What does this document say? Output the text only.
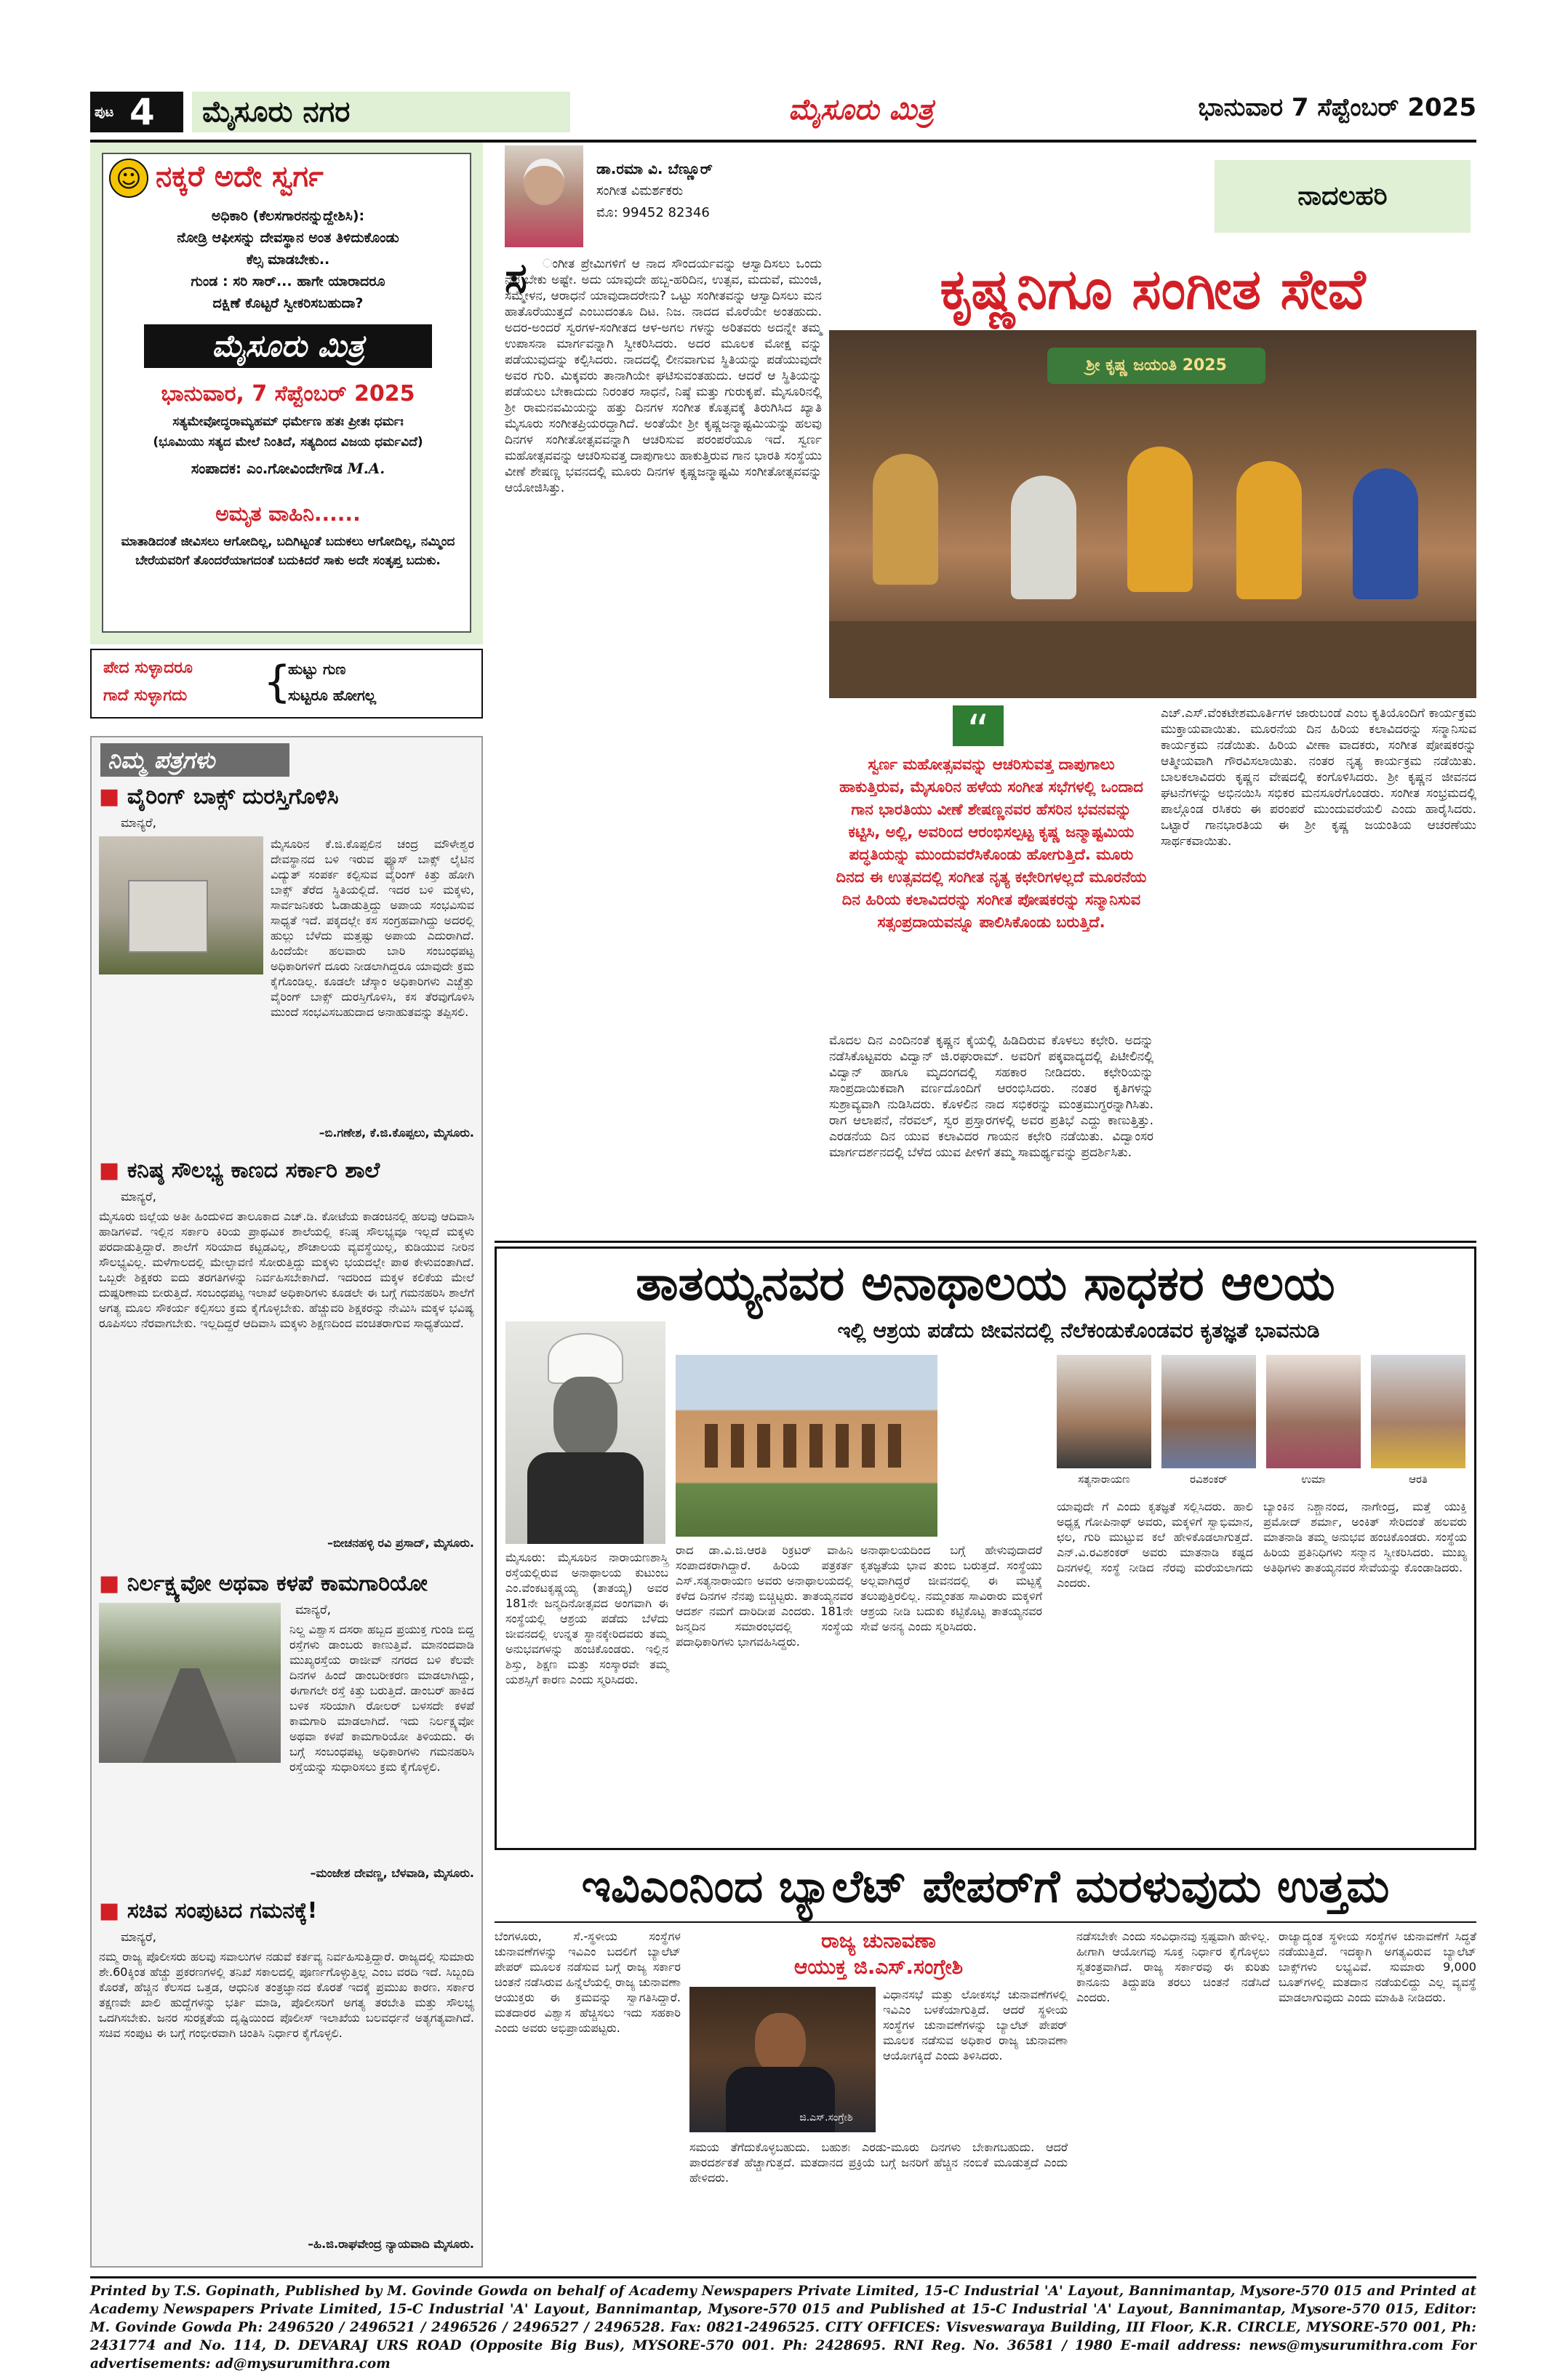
ಪುಟ 4	ಮೈಸೂರು ನಗರ	ಮೈಸೂರು ಮಿತ್ರ	ಭಾನುವಾರ 7 ಸೆಪ್ಟೆಂಬರ್ 2025
☺ ನಕ್ಕರೆ ಅದೇ ಸ್ವರ್ಗ
ಅಧಿಕಾರಿ (ಕೆಲಸಗಾರನನ್ನುದ್ದೇಶಿಸಿ):
ನೋಡ್ರಿ ಆಫೀಸನ್ನು ದೇವಸ್ಥಾನ ಅಂತ ತಿಳಿದುಕೊಂಡು
ಕೆಲ್ಸ ಮಾಡಬೇಕು..
ಗುಂಡ : ಸರಿ ಸಾರ್... ಹಾಗೇ ಯಾರಾದರೂ
ದಕ್ಷಿಣೆ ಕೊಟ್ಟರೆ ಸ್ವೀಕರಿಸಬಹುದಾ?
ಮೈಸೂರು ಮಿತ್ರ
ಭಾನುವಾರ, 7 ಸೆಪ್ಟೆಂಬರ್ 2025
ಸತ್ಯಮೇವೋದ್ಧರಾಮ್ಯಹಮ್ ಧರ್ಮೇಣ ಹತಃ ಪ್ರೀತಃ ಧರ್ಮಃ
(ಭೂಮಿಯು ಸತ್ಯದ ಮೇಲೆ ನಿಂತಿದೆ, ಸತ್ಯದಿಂದ ವಿಜಯ ಧರ್ಮವಿದೆ)
ಸಂಪಾದಕ: ಎಂ.ಗೋವಿಂದೇಗೌಡ M.A.
ಅಮೃತ ವಾಹಿನಿ......
ಮಾತಾಡಿದಂತೆ ಜೀವಿಸಲು ಆಗೋದಿಲ್ಲ, ಬದಿಗಿಟ್ಟಂತೆ ಬದುಕಲು ಆಗೋದಿಲ್ಲ, ನಮ್ಮಿಂದ ಬೇರೆಯವರಿಗೆ ತೊಂದರೆಯಾಗದಂತೆ ಬದುಕಿದರೆ ಸಾಕು ಅದೇ ಸಂತೃಪ್ತ ಬದುಕು.
ಪೇದ ಸುಳ್ಳಾದರೂ
ಗಾದೆ ಸುಳ್ಳಾಗದು {
ಹುಟ್ಟು ಗುಣ
ಸುಟ್ಟರೂ ಹೋಗಲ್ಲ
ನಿಮ್ಮ ಪತ್ರಗಳು
■ ವೈರಿಂಗ್ ಬಾಕ್ಸ್ ದುರಸ್ತಿಗೊಳಿಸಿ
ಮಾನ್ಯರೆ,
ಮೈಸೂರಿನ ಕೆ.ಜಿ.ಕೊಪ್ಪಲಿನ ಚಂದ್ರ ಮೌಳೇಶ್ವರ ದೇವಸ್ಥಾನದ ಬಳಿ ಇರುವ ಫ್ಯೂಸ್ ಬಾಕ್ಸ್ ಲೈಟಿನ ವಿದ್ಯುತ್ ಸಂಪರ್ಕ ಕಲ್ಪಿಸುವ ವೈರಿಂಗ್ ಕಿತ್ತು ಹೋಗಿ ಬಾಕ್ಸ್ ತೆರೆದ ಸ್ಥಿತಿಯಲ್ಲಿದೆ. ಇದರ ಬಳಿ ಮಕ್ಕಳು, ಸಾರ್ವಜನಿಕರು ಓಡಾಡುತ್ತಿದ್ದು ಅಪಾಯ ಸಂಭವಿಸುವ ಸಾಧ್ಯತೆ ಇದೆ. ಪಕ್ಕದಲ್ಲೇ ಕಸ ಸಂಗ್ರಹವಾಗಿದ್ದು ಅದರಲ್ಲಿ ಹುಲ್ಲು ಬೆಳೆದು ಮತ್ತಷ್ಟು ಅಪಾಯ ಎದುರಾಗಿದೆ. ಹಿಂದೆಯೇ ಹಲವಾರು ಬಾರಿ ಸಂಬಂಧಪಟ್ಟ ಅಧಿಕಾರಿಗಳಿಗೆ ದೂರು ನೀಡಲಾಗಿದ್ದರೂ ಯಾವುದೇ ಕ್ರಮ ಕೈಗೊಂಡಿಲ್ಲ. ಕೂಡಲೇ ಚೆಸ್ಕಾಂ ಅಧಿಕಾರಿಗಳು ಎಚ್ಚೆತ್ತು ವೈರಿಂಗ್ ಬಾಕ್ಸ್ ದುರಸ್ತಿಗೊಳಿಸಿ, ಕಸ ತೆರವುಗೊಳಿಸಿ ಮುಂದೆ ಸಂಭವಿಸಬಹುದಾದ ಅನಾಹುತವನ್ನು ತಪ್ಪಿಸಲಿ.
–ಬಿ.ಗಣೇಶ, ಕೆ.ಜಿ.ಕೊಪ್ಪಲು, ಮೈಸೂರು.
■ ಕನಿಷ್ಠ ಸೌಲಭ್ಯ ಕಾಣದ ಸರ್ಕಾರಿ ಶಾಲೆ
ಮಾನ್ಯರೆ,
ಮೈಸೂರು ಜಿಲ್ಲೆಯ ಅತೀ ಹಿಂದುಳಿದ ತಾಲೂಕಾದ ಎಚ್.ಡಿ. ಕೋಟೆಯ ಕಾಡಂಚಿನಲ್ಲಿ ಹಲವು ಆದಿವಾಸಿ ಹಾಡಿಗಳಿವೆ. ಇಲ್ಲಿನ ಸರ್ಕಾರಿ ಕಿರಿಯ ಪ್ರಾಥಮಿಕ ಶಾಲೆಯಲ್ಲಿ ಕನಿಷ್ಠ ಸೌಲಭ್ಯವೂ ಇಲ್ಲದೆ ಮಕ್ಕಳು ಪರದಾಡುತ್ತಿದ್ದಾರೆ. ಶಾಲೆಗೆ ಸರಿಯಾದ ಕಟ್ಟಡವಿಲ್ಲ, ಶೌಚಾಲಯ ವ್ಯವಸ್ಥೆಯಿಲ್ಲ, ಕುಡಿಯುವ ನೀರಿನ ಸೌಲಭ್ಯವಿಲ್ಲ. ಮಳೆಗಾಲದಲ್ಲಿ ಮೇಲ್ಛಾವಣಿ ಸೋರುತ್ತಿದ್ದು ಮಕ್ಕಳು ಭಯದಲ್ಲೇ ಪಾಠ ಕೇಳುವಂತಾಗಿದೆ. ಒಬ್ಬರೇ ಶಿಕ್ಷಕರು ಐದು ತರಗತಿಗಳನ್ನು ನಿರ್ವಹಿಸಬೇಕಾಗಿದೆ. ಇದರಿಂದ ಮಕ್ಕಳ ಕಲಿಕೆಯ ಮೇಲೆ ದುಷ್ಪರಿಣಾಮ ಬೀರುತ್ತಿದೆ. ಸಂಬಂಧಪಟ್ಟ ಇಲಾಖೆ ಅಧಿಕಾರಿಗಳು ಕೂಡಲೇ ಈ ಬಗ್ಗೆ ಗಮನಹರಿಸಿ ಶಾಲೆಗೆ ಅಗತ್ಯ ಮೂಲ ಸೌಕರ್ಯ ಕಲ್ಪಿಸಲು ಕ್ರಮ ಕೈಗೊಳ್ಳಬೇಕು. ಹೆಚ್ಚುವರಿ ಶಿಕ್ಷಕರನ್ನು ನೇಮಿಸಿ ಮಕ್ಕಳ ಭವಿಷ್ಯ ರೂಪಿಸಲು ನೆರವಾಗಬೇಕು. ಇಲ್ಲದಿದ್ದರೆ ಆದಿವಾಸಿ ಮಕ್ಕಳು ಶಿಕ್ಷಣದಿಂದ ವಂಚಿತರಾಗುವ ಸಾಧ್ಯತೆಯಿದೆ.
–ಬೀಚನಹಳ್ಳಿ ರವಿ ಪ್ರಸಾದ್, ಮೈಸೂರು.
■ ನಿರ್ಲಕ್ಷ್ಯವೋ ಅಥವಾ ಕಳಪೆ ಕಾಮಗಾರಿಯೋ
ಮಾನ್ಯರೆ,
ನಿಲ್ದ ವಿಶ್ವಾಸ ದಸರಾ ಹಬ್ಬದ ಪ್ರಯುಕ್ತ ಗುಂಡಿ ಬಿದ್ದ ರಸ್ತೆಗಳು ಡಾಂಬರು ಕಾಣುತ್ತಿವೆ. ಮಾನಂದವಾಡಿ ಮುಖ್ಯರಸ್ತೆಯ ರಾಜೀವ್ ನಗರದ ಬಳಿ ಕೆಲವೇ ದಿನಗಳ ಹಿಂದೆ ಡಾಂಬರೀಕರಣ ಮಾಡಲಾಗಿದ್ದು, ಈಗಾಗಲೇ ರಸ್ತೆ ಕಿತ್ತು ಬರುತ್ತಿದೆ. ಡಾಂಬರ್ ಹಾಕಿದ ಬಳಿಕ ಸರಿಯಾಗಿ ರೋಲರ್ ಬಳಸದೇ ಕಳಪೆ ಕಾಮಗಾರಿ ಮಾಡಲಾಗಿದೆ. ಇದು ನಿರ್ಲಕ್ಷ್ಯವೋ ಅಥವಾ ಕಳಪೆ ಕಾಮಗಾರಿಯೋ ತಿಳಿಯದು. ಈ ಬಗ್ಗೆ ಸಂಬಂಧಪಟ್ಟ ಅಧಿಕಾರಿಗಳು ಗಮನಹರಿಸಿ ರಸ್ತೆಯನ್ನು ಸುಧಾರಿಸಲು ಕ್ರಮ ಕೈಗೊಳ್ಳಲಿ.
–ಮಂಜೇಶ ದೇವಣ್ಣ, ಬೆಳವಾಡಿ, ಮೈಸೂರು.
■ ಸಚಿವ ಸಂಪುಟದ ಗಮನಕ್ಕೆ!
ಮಾನ್ಯರೆ,
ನಮ್ಮ ರಾಜ್ಯ ಪೊಲೀಸರು ಹಲವು ಸವಾಲುಗಳ ನಡುವೆ ಕರ್ತವ್ಯ ನಿರ್ವಹಿಸುತ್ತಿದ್ದಾರೆ. ರಾಜ್ಯದಲ್ಲಿ ಸುಮಾರು ಶೇ.60ಕ್ಕಿಂತ ಹೆಚ್ಚು ಪ್ರಕರಣಗಳಲ್ಲಿ ತನಿಖೆ ಸಕಾಲದಲ್ಲಿ ಪೂರ್ಣಗೊಳ್ಳುತ್ತಿಲ್ಲ ಎಂಬ ವರದಿ ಇದೆ. ಸಿಬ್ಬಂದಿ ಕೊರತೆ, ಹೆಚ್ಚಿನ ಕೆಲಸದ ಒತ್ತಡ, ಆಧುನಿಕ ತಂತ್ರಜ್ಞಾನದ ಕೊರತೆ ಇದಕ್ಕೆ ಪ್ರಮುಖ ಕಾರಣ. ಸರ್ಕಾರ ತಕ್ಷಣವೇ ಖಾಲಿ ಹುದ್ದೆಗಳನ್ನು ಭರ್ತಿ ಮಾಡಿ, ಪೊಲೀಸರಿಗೆ ಅಗತ್ಯ ತರಬೇತಿ ಮತ್ತು ಸೌಲಭ್ಯ ಒದಗಿಸಬೇಕು. ಜನರ ಸುರಕ್ಷತೆಯ ದೃಷ್ಟಿಯಿಂದ ಪೊಲೀಸ್ ಇಲಾಖೆಯ ಬಲವರ್ಧನೆ ಅತ್ಯಗತ್ಯವಾಗಿದೆ. ಸಚಿವ ಸಂಪುಟ ಈ ಬಗ್ಗೆ ಗಂಭೀರವಾಗಿ ಚಿಂತಿಸಿ ನಿರ್ಧಾರ ಕೈಗೊಳ್ಳಲಿ.
–ಹಿ.ಜಿ.ರಾಘವೇಂದ್ರ ನ್ಯಾಯವಾದಿ ಮೈಸೂರು.
ಡಾ.ರಮಾ ವಿ. ಬೆಣ್ಣೂರ್
ಸಂಗೀತ ವಿಮರ್ಶಕರು
ಮೊ: 99452 82346
ನಾದಲಹರಿ
ಕೃಷ್ಣನಿಗೂ ಸಂಗೀತ ಸೇವೆ
ಸ	ಂಗೀತ ಪ್ರೇಮಿಗಳಿಗೆ ಆ ನಾದ ಸೌಂದರ್ಯವನ್ನು ಆಸ್ವಾದಿಸಲು ಒಂದು ನೆಪ ಬೇಕು ಅಷ್ಟೇ. ಅದು ಯಾವುದೇ ಹಬ್ಬ-ಹರಿದಿನ, ಉತ್ಸವ, ಮದುವೆ, ಮುಂಜಿ, ಸಮ್ಮೇಳನ, ಆರಾಧನೆ ಯಾವುದಾದರೇನು? ಒಟ್ಟು ಸಂಗೀತವನ್ನು ಆಸ್ವಾದಿಸಲು ಮನ ಹಾತೊರೆಯುತ್ತದೆ ಎಂಬುದಂತೂ ದಿಟ. ನಿಜ. ನಾದದ ಮೊರೆಯೇ ಅಂತಹುದು. ಅದರ-ಅಂದರೆ ಸ್ವರಗಳ-ಸಂಗೀತದ ಆಳ-ಅಗಲ ಗಳನ್ನು ಅರಿತವರು ಅದನ್ನೇ ತಮ್ಮ ಉಪಾಸನಾ ಮಾರ್ಗವನ್ನಾಗಿ ಸ್ವೀಕರಿಸಿದರು. ಅದರ ಮೂಲಕ ಮೋಕ್ಷ ವನ್ನು ಪಡೆಯುವುದನ್ನು ಕಲ್ಪಿಸಿದರು. ನಾದದಲ್ಲಿ ಲೀನವಾಗುವ ಸ್ಥಿತಿಯನ್ನು ಪಡೆಯುವುದೇ ಅವರ ಗುರಿ. ಮಿಕ್ಕವರು ತಾನಾಗಿಯೇ ಘಟಿಸುವಂತಹುದು. ಆದರೆ ಆ ಸ್ಥಿತಿಯನ್ನು ಪಡೆಯಲು ಬೇಕಾದುದು ನಿರಂತರ ಸಾಧನೆ, ನಿಷ್ಠೆ ಮತ್ತು ಗುರುಕೃಪೆ. ಮೈಸೂರಿನಲ್ಲಿ ಶ್ರೀ ರಾಮನವಮಿಯನ್ನು ಹತ್ತು ದಿನಗಳ ಸಂಗೀತ ಕೊತ್ಸವಕ್ಕೆ ತಿರುಗಿಸಿದ ಖ್ಯಾತಿ ಮೈಸೂರು ಸಂಗೀತಪ್ರಿಯರದ್ದಾಗಿದೆ. ಅಂತೆಯೇ ಶ್ರೀ ಕೃಷ್ಣಜನ್ಮಾಷ್ಟಮಿಯನ್ನು ಹಲವು ದಿನಗಳ ಸಂಗೀತೋತ್ಸವವನ್ನಾಗಿ ಆಚರಿಸುವ ಪರಂಪರೆಯೂ ಇದೆ. ಸ್ವರ್ಣ ಮಹೋತ್ಸವವನ್ನು ಆಚರಿಸುವತ್ತ ದಾಪುಗಾಲು ಹಾಕುತ್ತಿರುವ ಗಾನ ಭಾರತಿ ಸಂಸ್ಥೆಯು ವೀಣೆ ಶೇಷಣ್ಣ ಭವನದಲ್ಲಿ ಮೂರು ದಿನಗಳ ಕೃಷ್ಣಜನ್ಮಾಷ್ಟಮಿ ಸಂಗೀತೋತ್ಸವವನ್ನು ಆಯೋಜಿಸಿತ್ತು.
ಶ್ರೀ ಕೃಷ್ಣ ಜಯಂತಿ 2025
“
ಸ್ವರ್ಣ ಮಹೋತ್ಸವವನ್ನು ಆಚರಿಸುವತ್ತ ದಾಪುಗಾಲು ಹಾಕುತ್ತಿರುವ, ಮೈಸೂರಿನ ಹಳೆಯ ಸಂಗೀತ ಸಭೆಗಳಲ್ಲಿ ಒಂದಾದ ಗಾನ ಭಾರತಿಯು ವೀಣೆ ಶೇಷಣ್ಣನವರ ಹೆಸರಿನ ಭವನವನ್ನು ಕಟ್ಟಿಸಿ, ಅಲ್ಲಿ, ಅವರಿಂದ ಆರಂಭಿಸಲ್ಪಟ್ಟ ಕೃಷ್ಣ ಜನ್ಮಾಷ್ಟಮಿಯ ಪದ್ಧತಿಯನ್ನು ಮುಂದುವರೆಸಿಕೊಂಡು ಹೋಗುತ್ತಿದೆ. ಮೂರು ದಿನದ ಈ ಉತ್ಸವದಲ್ಲಿ ಸಂಗೀತ ನೃತ್ಯ ಕಛೇರಿಗಳಲ್ಲದೆ ಮೂರನೆಯ ದಿನ ಹಿರಿಯ ಕಲಾವಿದರನ್ನು ಸಂಗೀತ ಪೋಷಕರನ್ನು ಸನ್ಮಾನಿಸುವ ಸತ್ಸಂಪ್ರದಾಯವನ್ನೂ ಪಾಲಿಸಿಕೊಂಡು ಬರುತ್ತಿದೆ.
ಮೊದಲ ದಿನ ಎಂದಿನಂತೆ ಕೃಷ್ಣನ ಕೈಯಲ್ಲಿ ಹಿಡಿದಿರುವ ಕೊಳಲು ಕಛೇರಿ. ಅದನ್ನು ನಡೆಸಿಕೊಟ್ಟವರು ವಿದ್ವಾನ್ ಜಿ.ರಘುರಾಮ್. ಅವರಿಗೆ ಪಕ್ಕವಾದ್ಯದಲ್ಲಿ ಪಿಟೀಲಿನಲ್ಲಿ ವಿದ್ವಾನ್ ಹಾಗೂ ಮೃದಂಗದಲ್ಲಿ ಸಹಕಾರ ನೀಡಿದರು. ಕಛೇರಿಯನ್ನು ಸಾಂಪ್ರದಾಯಿಕವಾಗಿ ವರ್ಣದೊಂದಿಗೆ ಆರಂಭಿಸಿದರು. ನಂತರ ಕೃತಿಗಳನ್ನು ಸುಶ್ರಾವ್ಯವಾಗಿ ನುಡಿಸಿದರು. ಕೊಳಲಿನ ನಾದ ಸಭಿಕರನ್ನು ಮಂತ್ರಮುಗ್ಧರನ್ನಾಗಿಸಿತು. ರಾಗ ಆಲಾಪನೆ, ನೆರವಲ್, ಸ್ವರ ಪ್ರಸ್ತಾರಗಳಲ್ಲಿ ಅವರ ಪ್ರತಿಭೆ ಎದ್ದು ಕಾಣುತ್ತಿತ್ತು. ಎರಡನೆಯ ದಿನ ಯುವ ಕಲಾವಿದರ ಗಾಯನ ಕಛೇರಿ ನಡೆಯಿತು. ವಿದ್ವಾಂಸರ ಮಾರ್ಗದರ್ಶನದಲ್ಲಿ ಬೆಳೆದ ಯುವ ಪೀಳಿಗೆ ತಮ್ಮ ಸಾಮರ್ಥ್ಯವನ್ನು ಪ್ರದರ್ಶಿಸಿತು.
ಎಚ್.ಎಸ್.ವೆಂಕಟೇಶಮೂರ್ತಿಗಳ ಜಾರುಬಂಡೆ ಎಂಬ ಕೃತಿಯೊಂದಿಗೆ ಕಾರ್ಯಕ್ರಮ ಮುಕ್ತಾಯವಾಯಿತು. ಮೂರನೆಯ ದಿನ ಹಿರಿಯ ಕಲಾವಿದರನ್ನು ಸನ್ಮಾನಿಸುವ ಕಾರ್ಯಕ್ರಮ ನಡೆಯಿತು. ಹಿರಿಯ ವೀಣಾ ವಾದಕರು, ಸಂಗೀತ ಪೋಷಕರನ್ನು ಆತ್ಮೀಯವಾಗಿ ಗೌರವಿಸಲಾಯಿತು. ನಂತರ ನೃತ್ಯ ಕಾರ್ಯಕ್ರಮ ನಡೆಯಿತು. ಬಾಲಕಲಾವಿದರು ಕೃಷ್ಣನ ವೇಷದಲ್ಲಿ ಕಂಗೊಳಿಸಿದರು. ಶ್ರೀ ಕೃಷ್ಣನ ಜೀವನದ ಘಟನೆಗಳನ್ನು ಅಭಿನಯಿಸಿ ಸಭಿಕರ ಮನಸೂರೆಗೊಂಡರು. ಸಂಗೀತ ಸಂಭ್ರಮದಲ್ಲಿ ಪಾಲ್ಗೊಂಡ ರಸಿಕರು ಈ ಪರಂಪರೆ ಮುಂದುವರೆಯಲಿ ಎಂದು ಹಾರೈಸಿದರು. ಒಟ್ಟಾರೆ ಗಾನಭಾರತಿಯ ಈ ಶ್ರೀ ಕೃಷ್ಣ ಜಯಂತಿಯ ಆಚರಣೆಯು ಸಾರ್ಥಕವಾಯಿತು.
ತಾತಯ್ಯನವರ ಅನಾಥಾಲಯ ಸಾಧಕರ ಆಲಯ
ಇಲ್ಲಿ ಆಶ್ರಯ ಪಡೆದು ಜೀವನದಲ್ಲಿ ನೆಲೆಕಂಡುಕೊಂಡವರ ಕೃತಜ್ಞತೆ ಭಾವನುಡಿ
ಸತ್ಯನಾರಾಯಣ	ರವಿಶಂಕರ್	ಉಮಾ	ಆರತಿ
ಮೈಸೂರು: ಮೈಸೂರಿನ ನಾರಾಯಣಶಾಸ್ತ್ರಿ ರಸ್ತೆಯಲ್ಲಿರುವ ಅನಾಥಾಲಯ ಕುಟುಂಬ ಎಂ.ವೆಂಕಟಕೃಷ್ಣಯ್ಯ (ತಾತಯ್ಯ) ಅವರ 181ನೇ ಜನ್ಮದಿನೋತ್ಸವದ ಅಂಗವಾಗಿ ಈ ಸಂಸ್ಥೆಯಲ್ಲಿ ಆಶ್ರಯ ಪಡೆದು ಬೆಳೆದು ಜೀವನದಲ್ಲಿ ಉನ್ನತ ಸ್ಥಾನಕ್ಕೇರಿದವರು ತಮ್ಮ ಅನುಭವಗಳನ್ನು ಹಂಚಿಕೊಂಡರು. ಇಲ್ಲಿನ ಶಿಸ್ತು, ಶಿಕ್ಷಣ ಮತ್ತು ಸಂಸ್ಕಾರವೇ ತಮ್ಮ ಯಶಸ್ಸಿಗೆ ಕಾರಣ ಎಂದು ಸ್ಮರಿಸಿದರು.
ರಾದ ಡಾ.ವಿ.ಜಿ.ಆರತಿ ರಿಕ್ರಟರ್ ವಾಹಿನಿ ಸಂಪಾದಕರಾಗಿದ್ದಾರೆ. ಹಿರಿಯ ಪತ್ರಕರ್ತ ಎಸ್.ಸತ್ಯನಾರಾಯಣ ಅವರು ಅನಾಥಾಲಯದಲ್ಲಿ ಕಳೆದ ದಿನಗಳ ನೆನಪು ಬಿಚ್ಚಿಟ್ಟರು. ತಾತಯ್ಯನವರ ಆದರ್ಶ ನಮಗೆ ದಾರಿದೀಪ ಎಂದರು. 181ನೇ ಜನ್ಮದಿನ ಸಮಾರಂಭದಲ್ಲಿ ಸಂಸ್ಥೆಯ ಪದಾಧಿಕಾರಿಗಳು ಭಾಗವಹಿಸಿದ್ದರು.
ಅನಾಥಾಲಯದಿಂದ ಬಗ್ಗೆ ಹೇಳುವುದಾದರೆ ಕೃತಜ್ಞತೆಯ ಭಾವ ತುಂಬಿ ಬರುತ್ತದೆ. ಸಂಸ್ಥೆಯು ಅಲ್ಲವಾಗಿದ್ದರೆ ಜೀವನದಲ್ಲಿ ಈ ಮಟ್ಟಕ್ಕೆ ತಲುಪುತ್ತಿರಲಿಲ್ಲ. ನಮ್ಮಂತಹ ಸಾವಿರಾರು ಮಕ್ಕಳಿಗೆ ಆಶ್ರಯ ನೀಡಿ ಬದುಕು ಕಟ್ಟಿಕೊಟ್ಟ ತಾತಯ್ಯನವರ ಸೇವೆ ಅನನ್ಯ ಎಂದು ಸ್ಮರಿಸಿದರು.
ಯಾವುದೇ ಗೆ ಎಂದು ಕೃತಜ್ಞತೆ ಸಲ್ಲಿಸಿದರು. ಹಾಲಿ ಅಧ್ಯಕ್ಷ ಗೋಪಿನಾಥ್ ಅವರು, ಮಕ್ಕಳಿಗೆ ಸ್ವಾಭಿಮಾನ, ಛಲ, ಗುರಿ ಮುಟ್ಟುವ ಕಲೆ ಹೇಳಿಕೊಡಲಾಗುತ್ತದೆ. ಎನ್.ವಿ.ರವಿಶಂಕರ್ ಅವರು ಮಾತನಾಡಿ ಕಷ್ಟದ ದಿನಗಳಲ್ಲಿ ಸಂಸ್ಥೆ ನೀಡಿದ ನೆರವು ಮರೆಯಲಾಗದು ಎಂದರು.
ಬ್ಯಾಂಕಿನ ನಿಶ್ಚಾನಂದ, ನಾಗೇಂದ್ರ, ಮತ್ತೆ ಯುಕ್ತಿ ಪ್ರಮೋದ್ ಶರ್ಮಾ, ಅಂಕಿತ್ ಸೇರಿದಂತೆ ಹಲವರು ಮಾತನಾಡಿ ತಮ್ಮ ಅನುಭವ ಹಂಚಿಕೊಂಡರು. ಸಂಸ್ಥೆಯ ಹಿರಿಯ ಪ್ರತಿನಿಧಿಗಳು ಸನ್ಮಾನ ಸ್ವೀಕರಿಸಿದರು. ಮುಖ್ಯ ಅತಿಥಿಗಳು ತಾತಯ್ಯನವರ ಸೇವೆಯನ್ನು ಕೊಂಡಾಡಿದರು.
ಇವಿಎಂನಿಂದ ಬ್ಯಾಲೆಟ್ ಪೇಪರ್‌ಗೆ ಮರಳುವುದು ಉತ್ತಮ
ಬೆಂಗಳೂರು, ಸೆ.-ಸ್ಥಳೀಯ ಸಂಸ್ಥೆಗಳ ಚುನಾವಣೆಗಳನ್ನು ಇವಿಎಂ ಬದಲಿಗೆ ಬ್ಯಾಲೆಟ್ ಪೇಪರ್ ಮೂಲಕ ನಡೆಸುವ ಬಗ್ಗೆ ರಾಜ್ಯ ಸರ್ಕಾರ ಚಿಂತನೆ ನಡೆಸಿರುವ ಹಿನ್ನೆಲೆಯಲ್ಲಿ ರಾಜ್ಯ ಚುನಾವಣಾ ಆಯುಕ್ತರು ಈ ಕ್ರಮವನ್ನು ಸ್ವಾಗತಿಸಿದ್ದಾರೆ. ಮತದಾರರ ವಿಶ್ವಾಸ ಹೆಚ್ಚಿಸಲು ಇದು ಸಹಕಾರಿ ಎಂದು ಅವರು ಅಭಿಪ್ರಾಯಪಟ್ಟರು.
ರಾಜ್ಯ ಚುನಾವಣಾ
ಆಯುಕ್ತ ಜಿ.ಎಸ್.ಸಂಗ್ರೇಶಿ
ಜಿ.ಎಸ್.ಸಂಗ್ರೇಶಿ
ವಿಧಾನಸಭೆ ಮತ್ತು ಲೋಕಸಭೆ ಚುನಾವಣೆಗಳಲ್ಲಿ ಇವಿಎಂ ಬಳಕೆಯಾಗುತ್ತಿದೆ. ಆದರೆ ಸ್ಥಳೀಯ ಸಂಸ್ಥೆಗಳ ಚುನಾವಣೆಗಳನ್ನು ಬ್ಯಾಲೆಟ್ ಪೇಪರ್ ಮೂಲಕ ನಡೆಸುವ ಅಧಿಕಾರ ರಾಜ್ಯ ಚುನಾವಣಾ ಆಯೋಗಕ್ಕಿದೆ ಎಂದು ತಿಳಿಸಿದರು.
ಸಮಯ ತೆಗೆದುಕೊಳ್ಳಬಹುದು. ಬಹುಶಃ ಎರಡು-ಮೂರು ದಿನಗಳು ಬೇಕಾಗಬಹುದು. ಆದರೆ ಪಾರದರ್ಶಕತೆ ಹೆಚ್ಚಾಗುತ್ತದೆ. ಮತದಾನದ ಪ್ರಕ್ರಿಯೆ ಬಗ್ಗೆ ಜನರಿಗೆ ಹೆಚ್ಚಿನ ನಂಬಿಕೆ ಮೂಡುತ್ತದೆ ಎಂದು ಹೇಳಿದರು.
ನಡೆಸಬೇಕೇ ಎಂದು ಸಂವಿಧಾನವು ಸ್ಪಷ್ಟವಾಗಿ ಹೇಳಿಲ್ಲ. ಹೀಗಾಗಿ ಆಯೋಗವು ಸೂಕ್ತ ನಿರ್ಧಾರ ಕೈಗೊಳ್ಳಲು ಸ್ವತಂತ್ರವಾಗಿದೆ. ರಾಜ್ಯ ಸರ್ಕಾರವು ಈ ಕುರಿತು ಕಾನೂನು ತಿದ್ದುಪಡಿ ತರಲು ಚಿಂತನೆ ನಡೆಸಿದೆ ಎಂದರು.
ರಾಜ್ಯಾದ್ಯಂತ ಸ್ಥಳೀಯ ಸಂಸ್ಥೆಗಳ ಚುನಾವಣೆಗೆ ಸಿದ್ಧತೆ ನಡೆಯುತ್ತಿದೆ. ಇದಕ್ಕಾಗಿ ಅಗತ್ಯವಿರುವ ಬ್ಯಾಲೆಟ್ ಬಾಕ್ಸ್‌ಗಳು ಲಭ್ಯವಿವೆ. ಸುಮಾರು 9,000 ಬೂತ್‌ಗಳಲ್ಲಿ ಮತದಾನ ನಡೆಯಲಿದ್ದು ಎಲ್ಲ ವ್ಯವಸ್ಥೆ ಮಾಡಲಾಗುವುದು ಎಂದು ಮಾಹಿತಿ ನೀಡಿದರು.
Printed by T.S. Gopinath, Published by M. Govinde Gowda on behalf of Academy Newspapers Private Limited, 15-C Industrial 'A' Layout, Bannimantap, Mysore-570 015 and Printed at Academy Newspapers Private Limited, 15-C Industrial 'A' Layout, Bannimantap, Mysore-570 015 and Published at 15-C Industrial 'A' Layout, Bannimantap, Mysore-570 015, Editor: M. Govinde Gowda Ph: 2496520 / 2496521 / 2496526 / 2496527 / 2496528. Fax: 0821-2496525. CITY OFFICES: Visveswaraya Building, III Floor, K.R. CIRCLE, MYSORE-570 001, Ph: 2431774 and No. 114, D. DEVARAJ URS ROAD (Opposite Big Bus), MYSORE-570 001. Ph: 2428695. RNI Reg. No. 36581 / 1980 E-mail address: news@mysurumithra.com For advertisements: ad@mysurumithra.com
